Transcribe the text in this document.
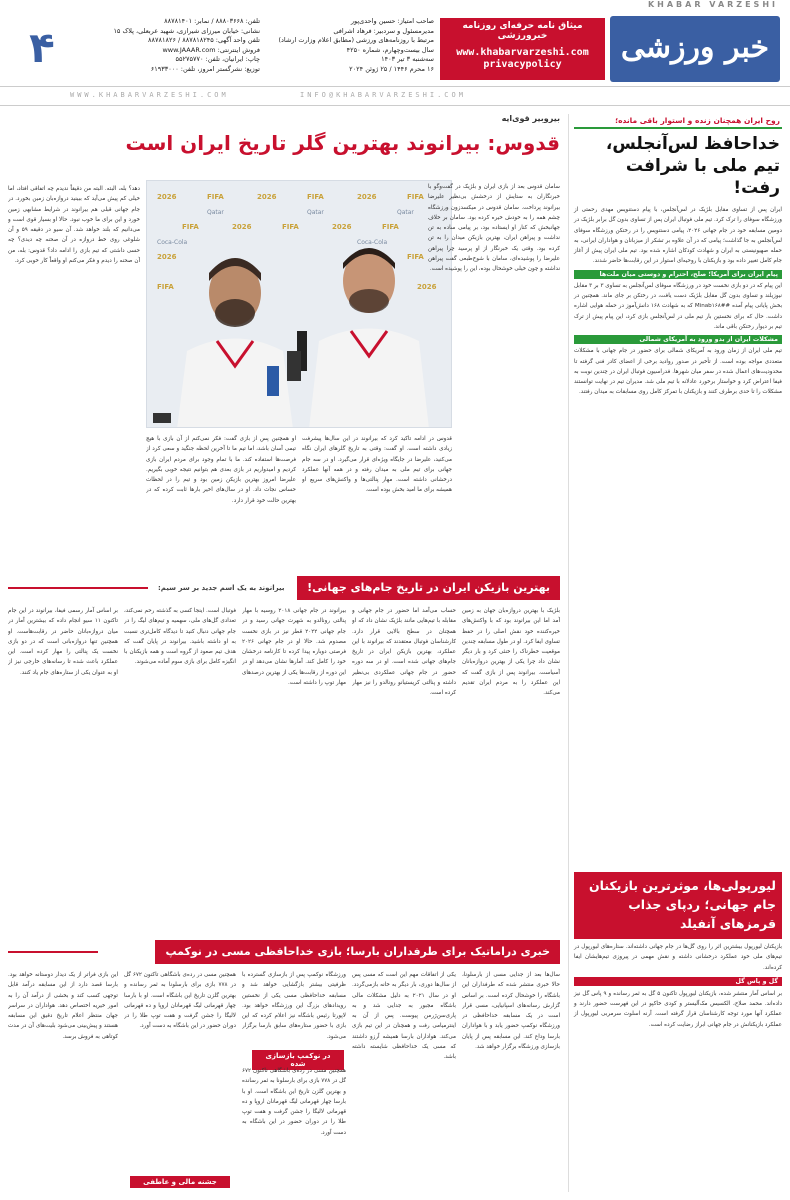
KHABAR VARZESHI
خبر ورزشی
میثاق نامه حرفه‌ای روزنامه خبرورزشی
www.khabarvarzeshi.com
privacypolicy
صاحب امتیاز: حسین واحدی‌پور
مدیرمسئول و سردبیر: فرهاد اشرافی
مرتبط با روزنامه‌های ورزشی (مطابق اعلام وزارت ارشاد)
سال بیست‌وچهارم، شماره ۴۲۵۰
سه‌شنبه ۳ تیر ۱۴۰۳
۱۶ محرم ۱۴۴۶ / ۲۵ ژوئن ۲۰۲۴
تلفن: ۸۸۸۰۳۶۶۸ / نمابر: ۸۸۷۸۱۴۰۱
نشانی: خیابان میرزای شیرازی، شهید عربعلی، پلاک ۱۵
تلفن واحد آگهی: ۸۸۷۸۱۸۲۴۵ / ۸۸۷۸۱۸۲۶
فروش اینترنتی: www.JAAAR.com
چاپ: ایرانیان، تلفن: ۵۵۲۷۵۷۷۰
توزیع: نشرگستر امروز، تلفن: ۶۱۹۳۳۰۰۰
۴
WWW.KHABARVARZESHI.COM	INFO@KHABARVARZESHI.COM
روح ایران همچنان زنده و استوار باقی مانده؛
خداحافظ لس‌آنجلس، تیم ملی با شرافت رفت!
ایران پس از تساوی مقابل بلژیک در لس‌آنجلس، با پیام دستنویس مهدی رحمتی از ورزشگاه سوفای را ترک کرد. تیم ملی فوتبال ایران پس از تساوی بدون گل برابر بلژیک در دومین مسابقه خود در جام جهانی ۲۰۲۶، پیامی دستنویس را در رختکن ورزشگاه سوفای لس‌آنجلس به جا گذاشت؛ پیامی که در آن علاوه بر تشکر از میزبانان و هواداران ایرانی، به حمله صهیونیستی به ایران و شهادت کودکان اشاره شده بود. تیم ملی ایران پیش از آغاز جام کامل تغییر داده بود و بازیکنان با روحیه‌ای استوار در این رقابت‌ها حاضر شدند.
پیام ایران برای آمریکا؛ صلح، احترام و دوستی میان ملت‌ها
این پیام که در دو بازی نخست خود در ورزشگاه سوفای لس‌آنجلس به تساوی ۳ بر ۳ مقابل نیوزیلند و تساوی بدون گل مقابل بلژیک دست یافت، در رختکن بر جای ماند. همچنین در بخش پایانی پیام آمده #Minab۱۶۸# که به شهادت ۱۶۸ دانش‌آموز در حمله هوایی اشاره داشت. حال که برای نخستین بار تیم ملی در لس‌آنجلس بازی کرد، این پیام پیش از ترک تیم بر دیوار رختکن باقی ماند.
مشکلات ایران از بدو ورود به آمریکای شمالی
تیم ملی ایران از زمان ورود به آمریکای شمالی برای حضور در جام جهانی با مشکلات متعددی مواجه بوده است. از تأخیر در صدور روادید برخی از اعضای کادر فنی گرفته تا محدودیت‌های اعمال شده در سفر میان شهرها. فدراسیون فوتبال ایران در چندین نوبت به فیفا اعتراض کرد و خواستار برخورد عادلانه با تیم ملی شد. مدیران تیم در نهایت توانستند مشکلات را تا حدی برطرف کنند و بازیکنان با تمرکز کامل روی مسابقات به میدان رفتند.
لیورپولی‌ها، موثرترین بازیکنان جام جهانی؛ ردپای جذاب قرمزهای آنفیلد
بازیکنان لیورپول بیشترین اثر را روی گل‌ها در جام جهانی داشته‌اند. ستاره‌های لیورپول در تیم‌های ملی خود عملکرد درخشانی داشته و نقش مهمی در پیروزی تیم‌هایشان ایفا کرده‌اند.
گل و پاس گل
بر اساس آمار منتشر شده، بازیکنان لیورپول تاکنون ۵ گل به ثمر رسانده و ۹ پاس گل نیز داده‌اند. محمد صلاح، الکسیس مک‌آلیستر و کودی خاکپو در این فهرست حضور دارند و عملکرد آنها مورد توجه کارشناسان قرار گرفته است. آرنه اسلوت سرمربی لیورپول از عملکرد بازیکنانش در جام جهانی ابراز رضایت کرده است.
بیروبیر قوی‌ایه
قدوس: بیرانوند بهترین گلر تاریخ ایران است
2026	FIFA	2026	FIFA	2026	FIFA
FIFA	2026	FIFA	2026	FIFA
2026	FIFA
FIFA	2026
Qatar	Qatar	Qatar
Coca-Cola	Coca-Cola
سامان قدوس بعد از بازی ایران و بلژیک در گفت‌وگو با خبرنگاران به ستایش از درخشش بی‌نظیر علیرضا بیرانوند پرداخت. سامان قدوس در میکسدزون ورزشگاه چشم همه را به خودش خیره کرده بود. سامان بر خلاف جهانبخش که کنار او ایستاده بود، بر پیامی ساده به تن نداشت و پیراهن ایران، بهترین بازیکن میدان را به تن کرده بود. وقتی یک خبرنگار از او پرسید چرا پیراهن علیرضا را پوشیده‌ای، سامان با شوخ‌طبعی گفت پیراهن نداشته و چون خیلی خوشحال بوده، این را پوشیده است.
او همچنین پس از بازی گفت: فکر نمی‌کنم از آن بازی با هیچ تیمی آسان باشد، اما تیم ما تا آخرین لحظه جنگید و سعی کرد از فرصت‌ها استفاده کند. ما با تمام وجود برای مردم ایران بازی کردیم و امیدواریم در بازی بعدی هم بتوانیم نتیجه خوبی بگیریم. علیرضا امروز بهترین بازیکن زمین بود و تیم را در لحظات حساس نجات داد. او در سال‌های اخیر بارها ثابت کرده که در بهترین حالت خود قرار دارد.
قدوس در ادامه تاکید کرد که بیرانوند در این سال‌ها پیشرفت زیادی داشته است. او گفت: وقتی به تاریخ گلرهای ایران نگاه می‌کنید، علیرضا در جایگاه ویژه‌ای قرار می‌گیرد. او در سه جام جهانی برای تیم ملی به میدان رفته و در همه آنها عملکرد درخشانی داشته است. مهار پنالتی‌ها و واکنش‌های سریع او همیشه برای ما امید بخش بوده است.
دهد؟ بله، البته. البته من دقیقاً ندیدم چه اتفاقی افتاد، اما خیلی کم پیش می‌آید که ببینید دروازه‌بان زمین بخورد. در جام جهانی قبلی هم بیرانوند در شرایط مشابهی زمین خورد و این برای ما خوب نبود. حالا او بسیار قوی است و می‌دانیم که بلند خواهد شد. آن سیو در دقیقه ۵۹ و آن شلوغی روی خط دروازه در آن صحنه چه دیدی؟ چه حسی داشتی که تیم بازی را ادامه داد؟ قدوس: بله، من آن صحنه را دیدم و فکر می‌کنم او واقعاً کار خوبی کرد.
بهترین بازیکن ایران در تاریخ جام‌های جهانی!
بیرانوند به یک اسم جدید بر سر سیم:
بلژیک با بهترین دروازه‌بان جهان به زمین آمد اما این بیرانوند بود که با واکنش‌های خیره‌کننده خود نقش اصلی را در حفظ تساوی ایفا کرد. او در طول مسابقه چندین موقعیت خطرناک را خنثی کرد و بار دیگر نشان داد چرا یکی از بهترین دروازه‌بانان آسیاست. بیرانوند پس از بازی گفت که این عملکرد را به مردم ایران تقدیم می‌کند.
حساب می‌آمد اما حضور در جام جهانی و مقابله با تیم‌هایی مانند بلژیک نشان داد که او همچنان در سطح بالایی قرار دارد. کارشناسان فوتبال معتقدند که بیرانوند با این عملکرد، بهترین بازیکن ایران در تاریخ جام‌های جهانی شده است. او در سه دوره حضور در جام جهانی عملکردی بی‌نظیر داشته و پنالتی کریستیانو رونالدو را نیز مهار کرده است.
بیرانوند در جام جهانی ۲۰۱۸ روسیه با مهار پنالتی رونالدو به شهرت جهانی رسید و در جام جهانی ۲۰۲۲ قطر نیز در بازی نخست مصدوم شد. حالا او در جام جهانی ۲۰۲۶ فرصتی دوباره پیدا کرده تا کارنامه درخشان خود را کامل کند. آمارها نشان می‌دهد او در این دوره از رقابت‌ها یکی از بهترین درصدهای مهار توپ را داشته است.
فوتبال است. اینجا کسی به گذشته رحم نمی‌کند، تعدادی گل‌های ملی، سهمیه و تیم‌های لیگ را در جام جهانی دنبال کنید تا دیدگاه کامل‌تری نسبت به او داشته باشید. بیرانوند در پایان گفت که هدف تیم صعود از گروه است و همه بازیکنان با انگیزه کامل برای بازی سوم آماده می‌شوند.
بر اساس آمار رسمی فیفا، بیرانوند در این جام تاکنون ۱۱ سیو انجام داده که بیشترین آمار در میان دروازه‌بانان حاضر در رقابت‌هاست. او همچنین تنها دروازه‌بانی است که در دو بازی نخست یک پنالتی را مهار کرده است. این عملکرد باعث شده تا رسانه‌های خارجی نیز از او به عنوان یکی از ستاره‌های جام یاد کنند.
خبری دراماتیک برای طرفداران بارسا؛ بازی خداحافظی مسی در نوکمپ
سال‌ها بعد از جدایی مسی از بارسلونا، حالا خبری منتشر شده که طرفداران این باشگاه را خوشحال کرده است. بر اساس گزارش رسانه‌های اسپانیایی، مسی قرار است در یک مسابقه خداحافظی در ورزشگاه نوکمپ حضور یابد و با هواداران بارسا وداع کند. این مسابقه پس از پایان بازسازی ورزشگاه برگزار خواهد شد.
یکی از اتفاقات مهم این است که مسی پس از سال‌ها دوری، بار دیگر به خانه بازمی‌گردد. او در سال ۲۰۲۱ به دلیل مشکلات مالی باشگاه مجبور به جدایی شد و به پاری‌سن‌ژرمن پیوست. پس از آن به اینترمیامی رفت و همچنان در این تیم بازی می‌کند. هواداران بارسا همیشه آرزو داشتند که مسی یک خداحافظی شایسته داشته باشد.
در نوکمپ بازسازی شده
ورزشگاه نوکمپ پس از بازسازی گسترده با ظرفیتی بیشتر بازگشایی خواهد شد و مسابقه خداحافظی مسی یکی از نخستین رویدادهای بزرگ این ورزشگاه خواهد بود. لاپورتا رئیس باشگاه نیز اعلام کرده که این بازی با حضور ستاره‌های سابق بارسا برگزار می‌شود.
همچنین مسی در رده‌ی باشگاهی تاکنون ۶۷۲ گل در ۷۷۸ بازی برای بارسلونا به ثمر رسانده و بهترین گلزن تاریخ این باشگاه است. او با بارسا چهار قهرمانی لیگ قهرمانان اروپا و ده قهرمانی لالیگا را جشن گرفت و هفت توپ طلا را در دوران حضور در این باشگاه به دست آورد.
جشنه مالی و عاطفی
همچنین مسی در رده‌ی باشگاهی تاکنون ۶۷۲ گل در ۷۷۸ بازی برای بارسلونا به ثمر رسانده و بهترین گلزن تاریخ این باشگاه است. او با بارسا چهار قهرمانی لیگ قهرمانان اروپا و ده قهرمانی لالیگا را جشن گرفت و هفت توپ طلا را در دوران حضور در این باشگاه به دست آورد.
این بازی فراتر از یک دیدار دوستانه خواهد بود. بارسا قصد دارد از این مسابقه درآمد قابل توجهی کسب کند و بخشی از درآمد آن را به امور خیریه اختصاص دهد. هواداران در سراسر جهان منتظر اعلام تاریخ دقیق این مسابقه هستند و پیش‌بینی می‌شود بلیت‌های آن در مدت کوتاهی به فروش برسد.
